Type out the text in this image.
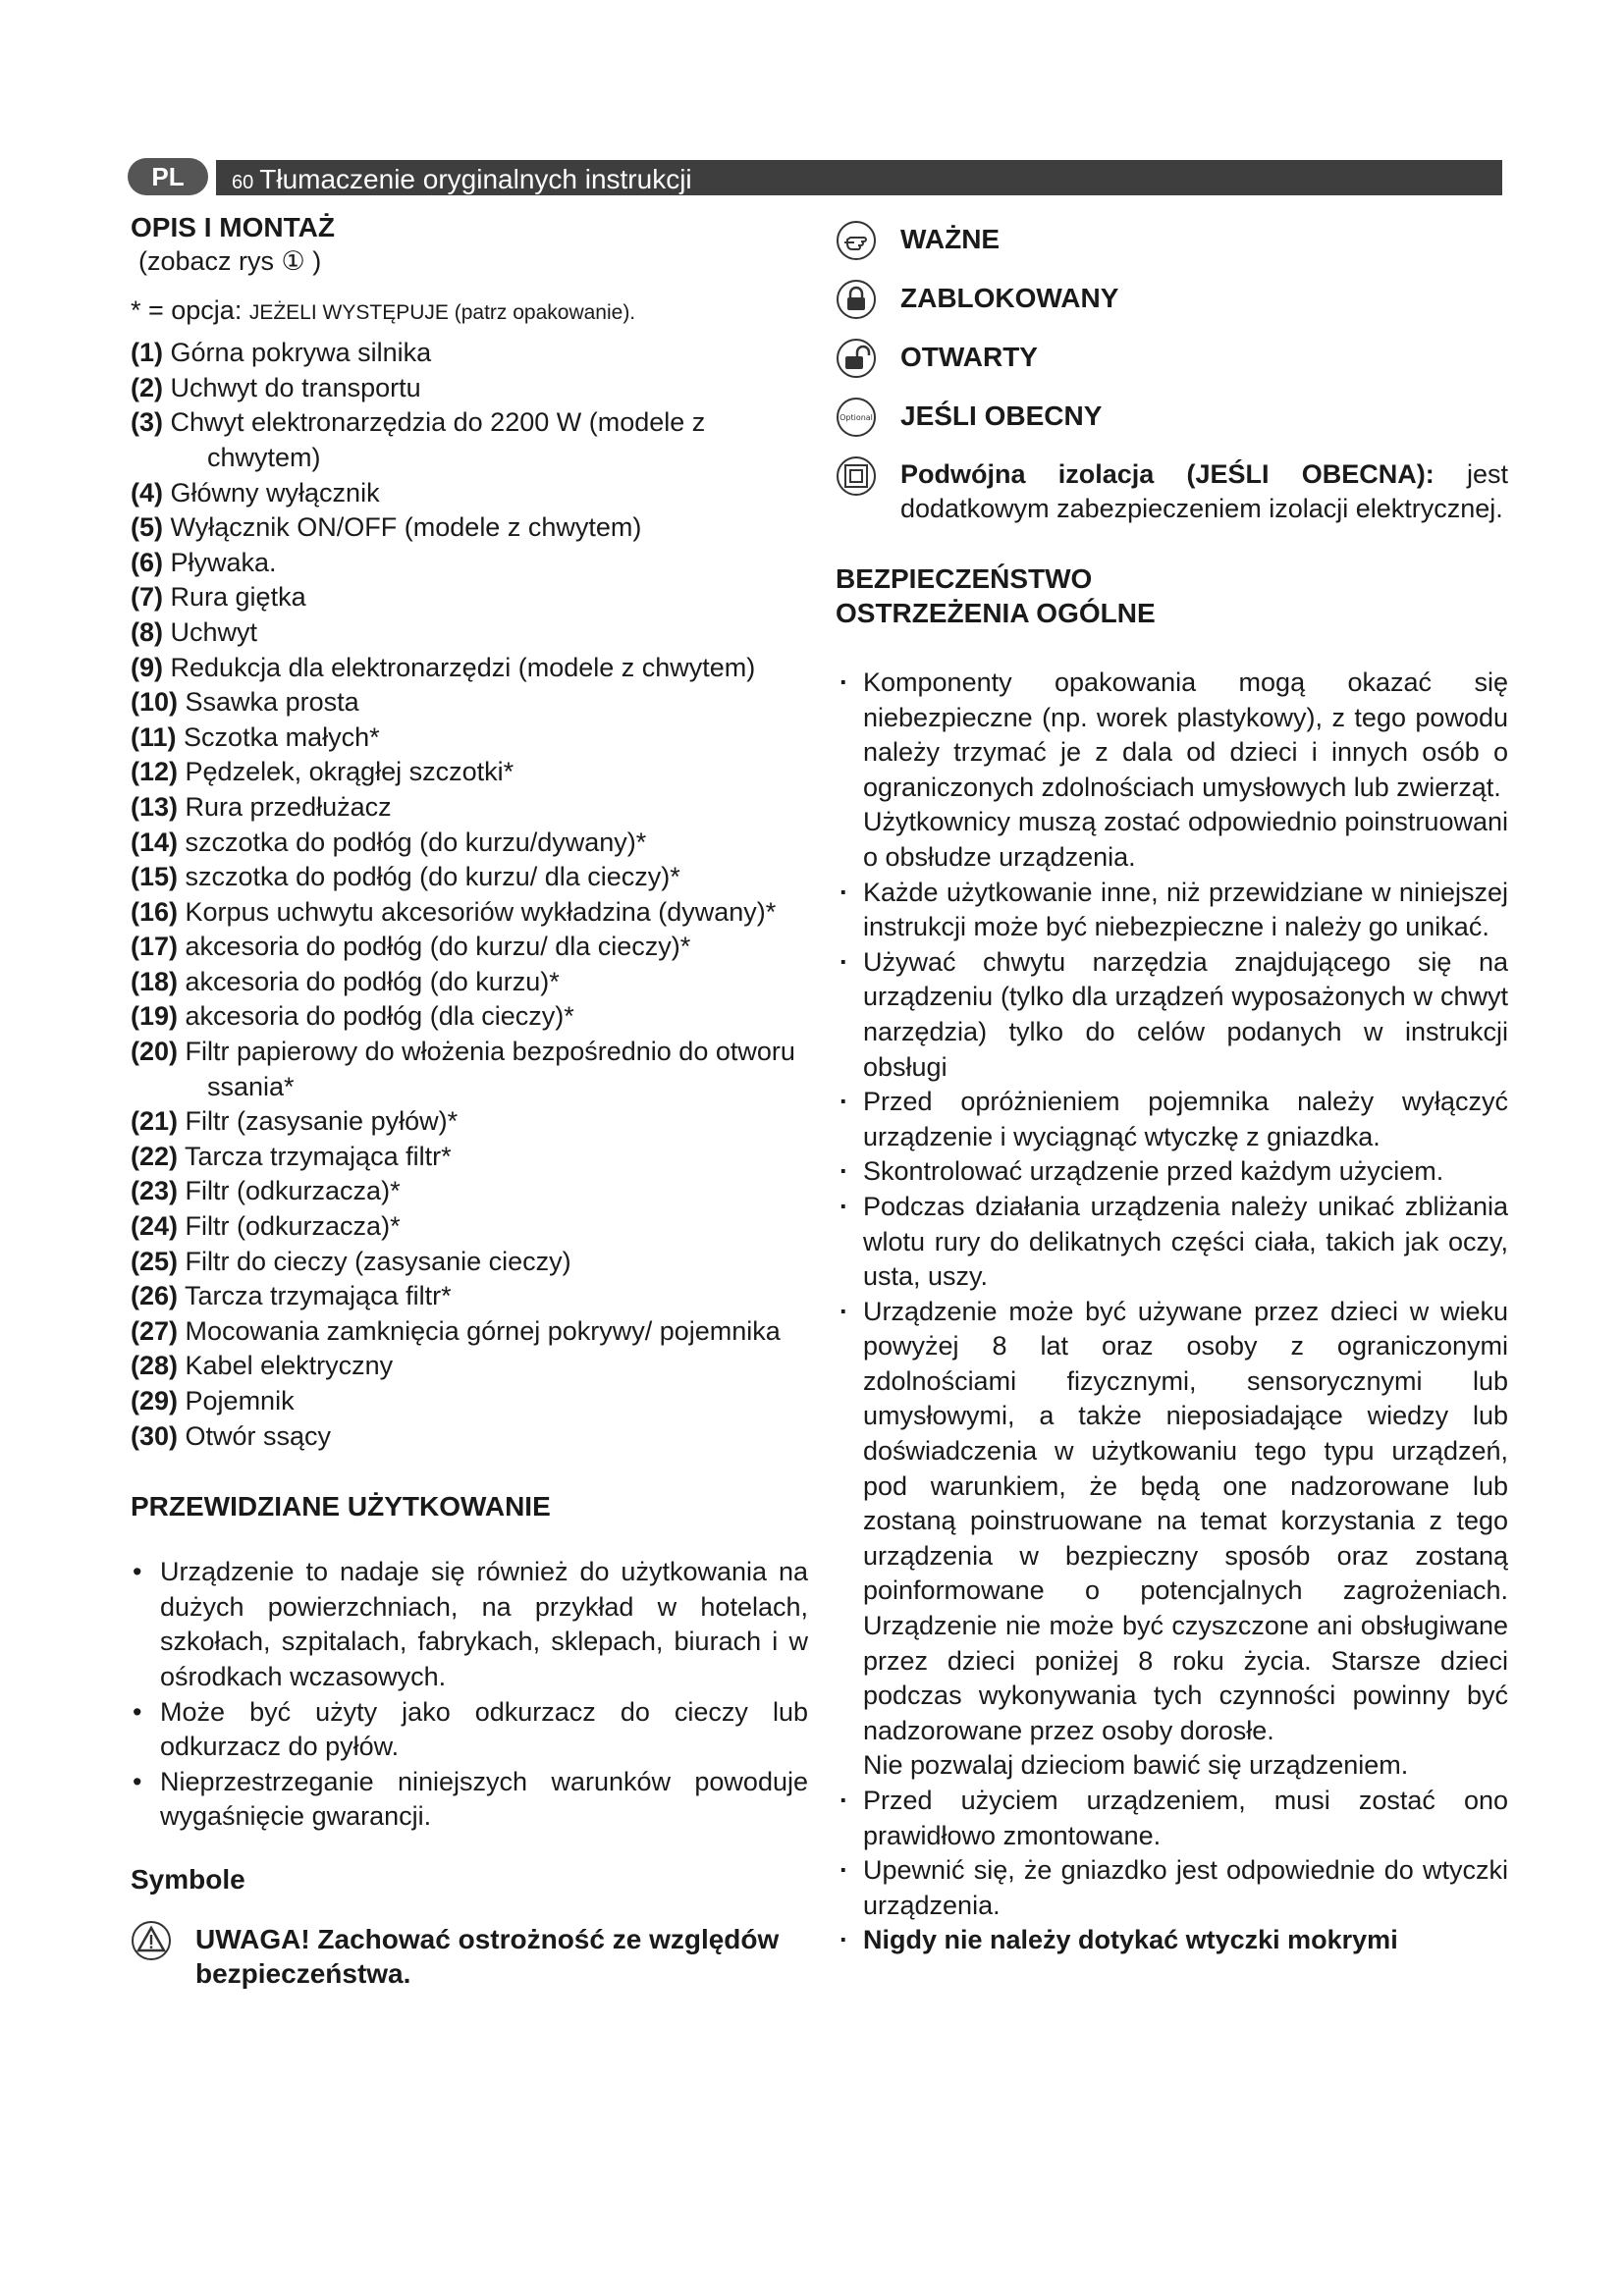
PL	60 Tłumaczenie oryginalnych instrukcji
OPIS I MONTAŻ
(zobacz rys ① )
* = opcja: JEŻELI WYSTĘPUJE (patrz opakowanie).
(1) Górna pokrywa silnika
(2) Uchwyt do transportu
(3) Chwyt elektronarzędzia do 2200 W (modele z chwytem)
(4) Główny wyłącznik
(5) Wyłącznik ON/OFF (modele z chwytem)
(6) Pływaka.
(7) Rura giętka
(8) Uchwyt
(9) Redukcja dla elektronarzędzi (modele z chwytem)
(10) Ssawka prosta
(11) Sczotka małych*
(12) Pędzelek, okrągłej szczotki*
(13) Rura przedłużacz
(14) szczotka do podłóg (do kurzu/dywany)*
(15) szczotka do podłóg (do kurzu/ dla cieczy)*
(16) Korpus uchwytu akcesoriów wykładzina (dywany)*
(17) akcesoria do podłóg (do kurzu/ dla cieczy)*
(18) akcesoria do podłóg (do kurzu)*
(19) akcesoria do podłóg (dla cieczy)*
(20) Filtr papierowy do włożenia bezpośrednio do otworu ssania*
(21) Filtr (zasysanie pyłów)*
(22) Tarcza trzymająca filtr*
(23) Filtr (odkurzacza)*
(24) Filtr (odkurzacza)*
(25) Filtr do cieczy (zasysanie cieczy)
(26) Tarcza trzymająca filtr*
(27) Mocowania zamknięcia górnej pokrywy/ pojemnika
(28) Kabel elektryczny
(29) Pojemnik
(30) Otwór ssący
PRZEWIDZIANE UŻYTKOWANIE
• Urządzenie to nadaje się również do użytkowania na dużych powierzchniach, na przykład w hotelach, szkołach, szpitalach, fabrykach, sklepach, biurach i w ośrodkach wczasowych.
• Może być użyty jako odkurzacz do cieczy lub odkurzacz do pyłów.
• Nieprzestrzeganie niniejszych warunków powoduje wygaśnięcie gwarancji.
Symbole
UWAGA! Zachować ostrożność ze względów bezpieczeństwa.
WAŻNE
ZABLOKOWANY
OTWARTY
Optional JEŚLI OBECNY
Podwójna izolacja (JEŚLI OBECNA): jest dodatkowym zabezpieczeniem izolacji elektrycznej.
BEZPIECZEŃSTWO
OSTRZEŻENIA OGÓLNE
· Komponenty opakowania mogą okazać się niebezpieczne (np. worek plastykowy), z tego powodu należy trzymać je z dala od dzieci i innych osób o ograniczonych zdolnościach umysłowych lub zwierząt.
Użytkownicy muszą zostać odpowiednio poinstruowani o obsłudze urządzenia.
· Każde użytkowanie inne, niż przewidziane w niniejszej instrukcji może być niebezpieczne i należy go unikać.
· Używać chwytu narzędzia znajdującego się na urządzeniu (tylko dla urządzeń wyposażonych w chwyt narzędzia) tylko do celów podanych w instrukcji obsługi
· Przed opróżnieniem pojemnika należy wyłączyć urządzenie i wyciągnąć wtyczkę z gniazdka.
· Skontrolować urządzenie przed każdym użyciem.
· Podczas działania urządzenia należy unikać zbliżania wlotu rury do delikatnych części ciała, takich jak oczy, usta, uszy.
· Urządzenie może być używane przez dzieci w wieku powyżej 8 lat oraz osoby z ograniczonymi zdolnościami fizycznymi, sensorycznymi lub umysłowymi, a także nieposiadające wiedzy lub doświadczenia w użytkowaniu tego typu urządzeń, pod warunkiem, że będą one nadzorowane lub zostaną poinstruowane na temat korzystania z tego urządzenia w bezpieczny sposób oraz zostaną poinformowane o potencjalnych zagrożeniach. Urządzenie nie może być czyszczone ani obsługiwane przez dzieci poniżej 8 roku życia. Starsze dzieci podczas wykonywania tych czynności powinny być nadzorowane przez osoby dorosłe.
Nie pozwalaj dzieciom bawić się urządzeniem.
· Przed użyciem urządzeniem, musi zostać ono prawidłowo zmontowane.
· Upewnić się, że gniazdko jest odpowiednie do wtyczki urządzenia.
· Nigdy nie należy dotykać wtyczki mokrymi
